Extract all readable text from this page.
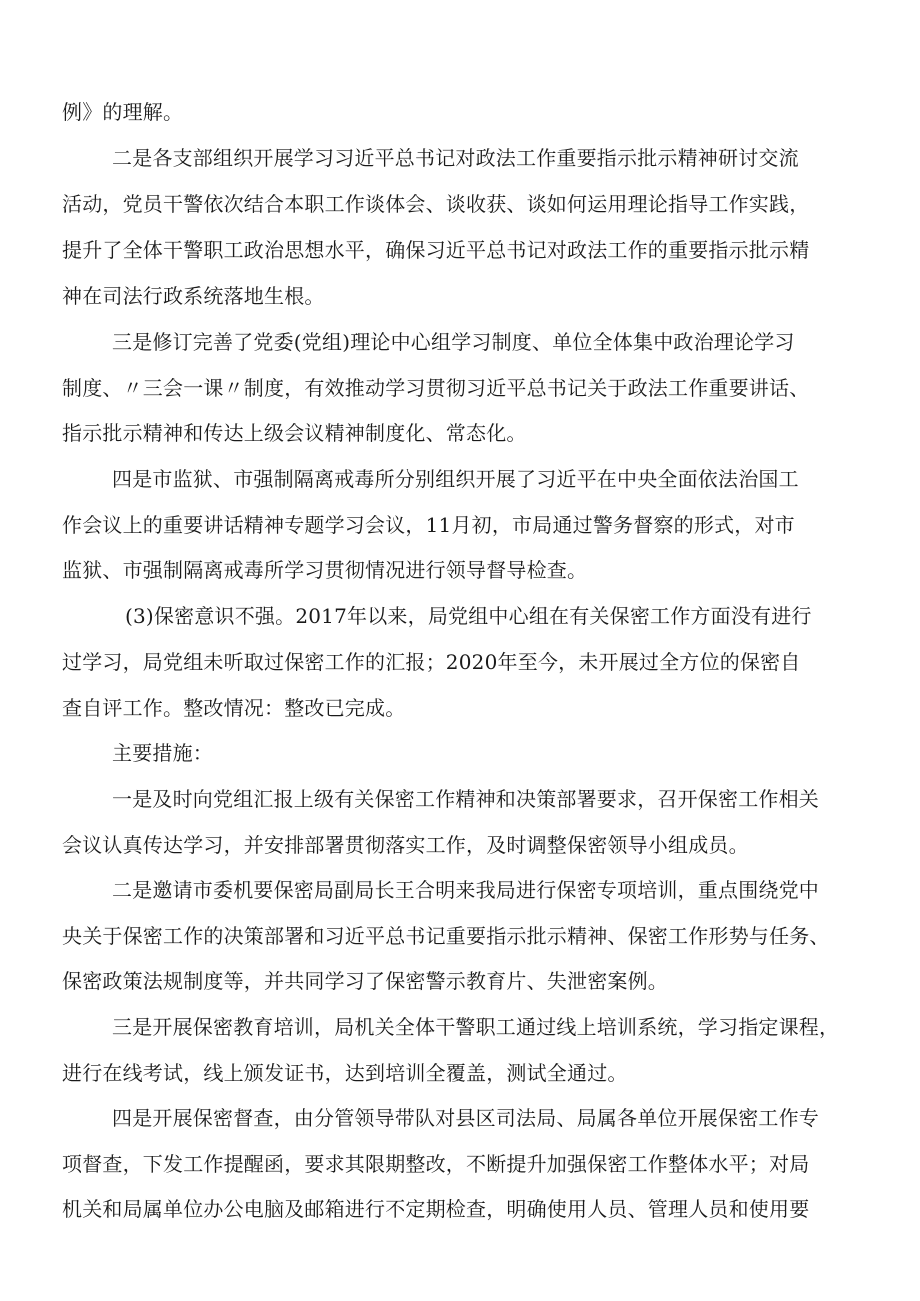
例》的理解。
二是各支部组织开展学习习近平总书记对政法工作重要指示批示精神研讨交流
活动，党员干警依次结合本职工作谈体会、谈收获、谈如何运用理论指导工作实践，
提升了全体干警职工政治思想水平，确保习近平总书记对政法工作的重要指示批示精
神在司法行政系统落地生根。
三是修订完善了党委(党组)理论中心组学习制度、单位全体集中政治理论学习
制度、〃三会一课〃制度，有效推动学习贯彻习近平总书记关于政法工作重要讲话、
指示批示精神和传达上级会议精神制度化、常态化。
四是市监狱、市强制隔离戒毒所分别组织开展了习近平在中央全面依法治国工
作会议上的重要讲话精神专题学习会议，11月初，市局通过警务督察的形式，对市
监狱、市强制隔离戒毒所学习贯彻情况进行领导督导检查。
(3)保密意识不强。2017年以来，局党组中心组在有关保密工作方面没有进行
过学习，局党组未听取过保密工作的汇报；2020年至今，未开展过全方位的保密自
查自评工作。整改情况：整改已完成。
主要措施：
一是及时向党组汇报上级有关保密工作精神和决策部署要求，召开保密工作相关
会议认真传达学习，并安排部署贯彻落实工作，及时调整保密领导小组成员。
二是邀请市委机要保密局副局长王合明来我局进行保密专项培训，重点围绕党中
央关于保密工作的决策部署和习近平总书记重要指示批示精神、保密工作形势与任务、
保密政策法规制度等，并共同学习了保密警示教育片、失泄密案例。
三是开展保密教育培训，局机关全体干警职工通过线上培训系统，学习指定课程，
进行在线考试，线上颁发证书，达到培训全覆盖，测试全通过。
四是开展保密督查，由分管领导带队对县区司法局、局属各单位开展保密工作专
项督查，下发工作提醒函，要求其限期整改，不断提升加强保密工作整体水平；对局
机关和局属单位办公电脑及邮箱进行不定期检查，明确使用人员、管理人员和使用要
